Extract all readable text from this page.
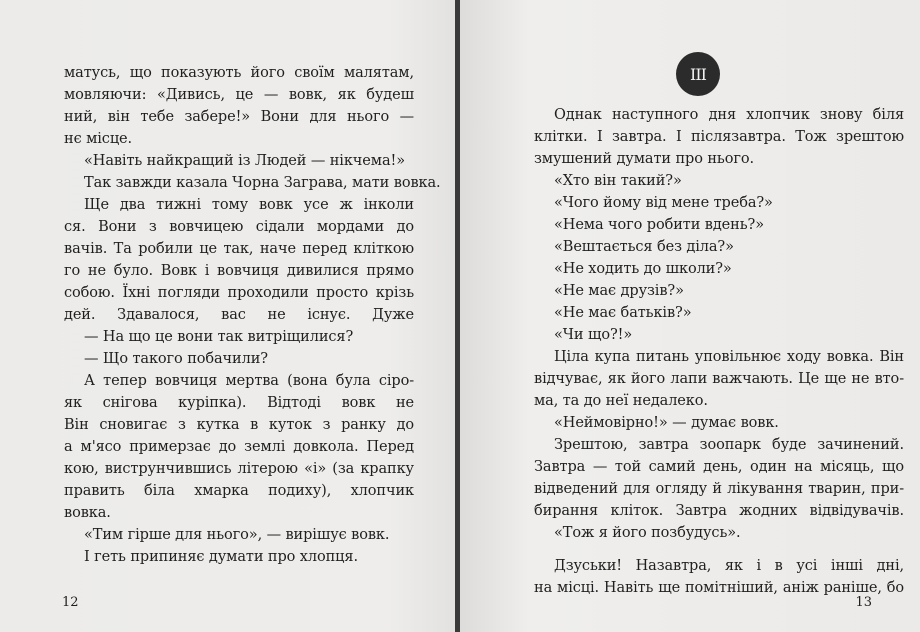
матусь, що показують його своїм малятам,
мовляючи: «Дивись, це — вовк, як будеш
ний, він тебе забере!» Вони для нього —
нє місце.
«Навіть найкращий із Людей — нікчема!»
Так завжди казала Чорна Заграва, мати вовка.
Ще два тижні тому вовк усе ж інколи
ся. Вони з вовчицею сідали мордами до
вачів. Та робили це так, наче перед кліткою
го не було. Вовк і вовчиця дивилися прямо
собою. Їхні погляди проходили просто крізь
дей. Здавалося, вас не існує. Дуже
— На що це вони так витріщилися?
— Що такого побачили?
А тепер вовчиця мертва (вона була сіро-
як снігова куріпка). Відтоді вовк не
Він сновигає з кутка в куток з ранку до
а м'ясо примерзає до землі довкола. Перед
кою, виструнчившись літерою «і» (за крапку
править біла хмарка подиху), хлопчик
вовка.
«Тим гірше для нього», — вирішує вовк.
І геть припиняє думати про хлопця.
12
III
Однак наступного дня хлопчик знову біля
клітки. І завтра. І післязавтра. Тож зрештою
змушений думати про нього.
«Хто він такий?»
«Чого йому від мене треба?»
«Нема чого робити вдень?»
«Вештається без діла?»
«Не ходить до школи?»
«Не має друзів?»
«Не має батьків?»
«Чи що?!»
Ціла купа питань уповільнює ходу вовка. Він
відчуває, як його лапи важчають. Це ще не вто-
ма, та до неї недалеко.
«Неймовірно!» — думає вовк.
Зрештою, завтра зоопарк буде зачинений.
Завтра — той самий день, один на місяць, що
відведений для огляду й лікування тварин, при-
бирання кліток. Завтра жодних відвідувачів.
«Тож я його позбудусь».
Дзуськи! Назавтра, як і в усі інші дні,
на місці. Навіть ще помітніший, аніж раніше, бо
13
